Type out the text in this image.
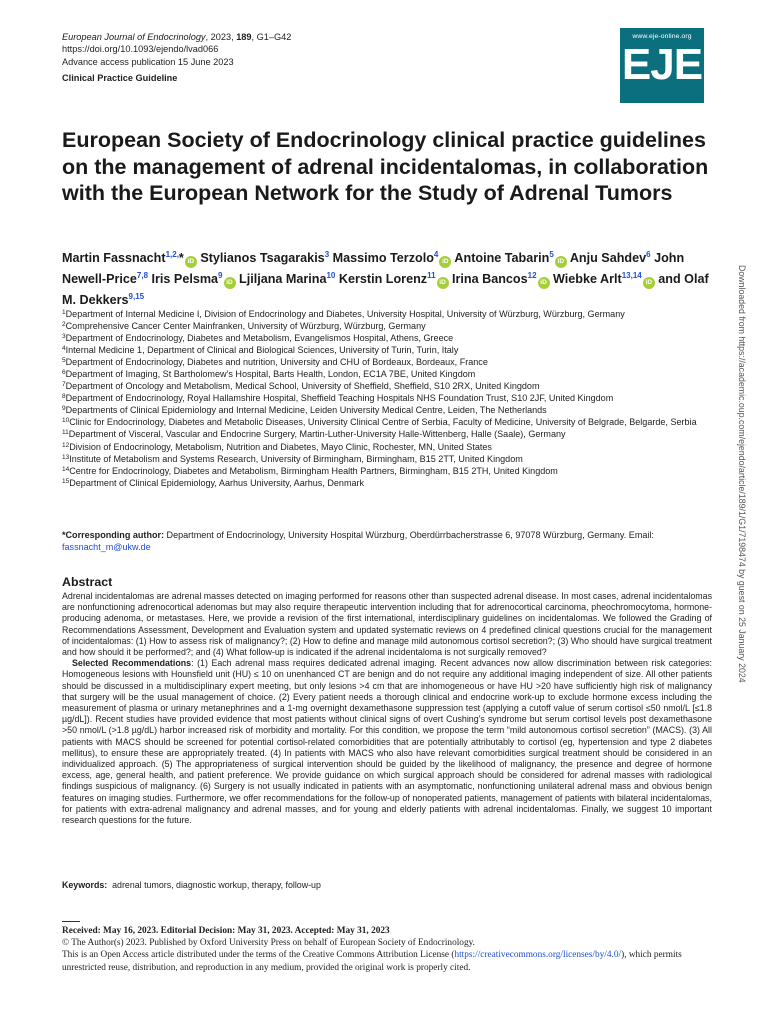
European Journal of Endocrinology, 2023, 189, G1–G42
https://doi.org/10.1093/ejendo/lvad066
Advance access publication 15 June 2023
Clinical Practice Guideline
www.eje-online.org
EJE
European Society of Endocrinology clinical practice guidelines on the management of adrenal incidentalomas, in collaboration with the European Network for the Study of Adrenal Tumors
Martin Fassnacht$^{1,2,}$* iD Stylianos Tsagarakis$^3$ Massimo Terzolo$^4$iD Antoine Tabarin$^5$iD Anju Sahdev$^6$ John Newell-Price$^{7,8}$ Iris Pelsma$^9$iD Ljiljana Marina$^{10}$ Kerstin Lorenz$^{11}$iD Irina Bancos$^{12}$iD Wiebke Arlt$^{13,14}$iD and Olaf M. Dekkers$^{9,15}$
$^1$Department of Internal Medicine I, Division of Endocrinology and Diabetes, University Hospital, University of Würzburg, Würzburg, Germany
$^2$Comprehensive Cancer Center Mainfranken, University of Würzburg, Würzburg, Germany
$^3$Department of Endocrinology, Diabetes and Metabolism, Evangelismos Hospital, Athens, Greece
$^4$Internal Medicine 1, Department of Clinical and Biological Sciences, University of Turin, Turin, Italy
$^5$Department of Endocrinology, Diabetes and nutrition, University and CHU of Bordeaux, Bordeaux, France
$^6$Department of Imaging, St Bartholomew’s Hospital, Barts Health, London, EC1A 7BE, United Kingdom
$^7$Department of Oncology and Metabolism, Medical School, University of Sheffield, Sheffield, S10 2RX, United Kingdom
$^8$Department of Endocrinology, Royal Hallamshire Hospital, Sheffield Teaching Hospitals NHS Foundation Trust, S10 2JF, United Kingdom
$^9$Departments of Clinical Epidemiology and Internal Medicine, Leiden University Medical Centre, Leiden, The Netherlands
$^{10}$Clinic for Endocrinology, Diabetes and Metabolic Diseases, University Clinical Centre of Serbia, Faculty of Medicine, University of Belgrade, Belgarde, Serbia
$^{11}$Department of Visceral, Vascular and Endocrine Surgery, Martin-Luther-University Halle-Wittenberg, Halle (Saale), Germany
$^{12}$Division of Endocrinology, Metabolism, Nutrition and Diabetes, Mayo Clinic, Rochester, MN, United States
$^{13}$Institute of Metabolism and Systems Research, University of Birmingham, Birmingham, B15 2TT, United Kingdom
$^{14}$Centre for Endocrinology, Diabetes and Metabolism, Birmingham Health Partners, Birmingham, B15 2TH, United Kingdom
$^{15}$Department of Clinical Epidemiology, Aarhus University, Aarhus, Denmark
*Corresponding author: Department of Endocrinology, University Hospital Würzburg, Oberdürrbacherstrasse 6, 97078 Würzburg, Germany. Email:
fassnacht_m@ukw.de	Downloaded from https://academic.oup.com/ejendo/article/189/1/G1/7198474 by guest on 25 January 2024
Abstract

Adrenal incidentalomas are adrenal masses detected on imaging performed for reasons other than suspected adrenal disease. In most cases, adrenal incidentalomas are nonfunctioning adrenocortical adenomas but may also require therapeutic intervention including that for adrenocortical carcinoma, pheochromocytoma, hormone-producing adenoma, or metastases. Here, we provide a revision of the first international, interdisciplinary guidelines on incidentalomas. We followed the Grading of Recommendations Assessment, Development and Evaluation system and updated systematic reviews on 4 predefined clinical questions crucial for the management of incidentalomas: (1) How to assess risk of malignancy?; (2) How to define and manage mild autonomous cortisol secretion?; (3) Who should have surgical treatment and how should it be performed?; and (4) What follow-up is indicated if the adrenal incidentaloma is not surgically removed?

Selected Recommendations: (1) Each adrenal mass requires dedicated adrenal imaging. Recent advances now allow discrimination between risk categories: Homogeneous lesions with Hounsfield unit (HU) ≤ 10 on unenhanced CT are benign and do not require any additional imaging independent of size. All other patients should be discussed in a multidisciplinary expert meeting, but only lesions >4 cm that are inhomogeneous or have HU >20 have sufficiently high risk of malignancy that surgery will be the usual management of choice. (2) Every patient needs a thorough clinical and endocrine work-up to exclude hormone excess including the measurement of plasma or urinary metanephrines and a 1-mg overnight dexamethasone suppression test (applying a cutoff value of serum cortisol ≤50 nmol/L [≤1.8 µg/dL]). Recent studies have provided evidence that most patients without clinical signs of overt Cushing’s syndrome but serum cortisol levels post dexamethasone >50 nmol/L (>1.8 µg/dL) harbor increased risk of morbidity and mortality. For this condition, we propose the term “mild autonomous cortisol secretion” (MACS). (3) All patients with MACS should be screened for potential cortisol-related comorbidities that are potentially attributably to cortisol (eg, hypertension and type 2 diabetes mellitus), to ensure these are appropriately treated. (4) In patients with MACS who also have relevant comorbidities surgical treatment should be considered in an individualized approach. (5) The appropriateness of surgical intervention should be guided by the likelihood of malignancy, the presence and degree of hormone excess, age, general health, and patient preference. We provide guidance on which surgical approach should be considered for adrenal masses with radiological findings suspicious of malignancy. (6) Surgery is not usually indicated in patients with an asymptomatic, nonfunctioning unilateral adrenal mass and obvious benign features on imaging studies. Furthermore, we offer recommendations for the follow-up of nonoperated patients, management of patients with bilateral incidentalomas, for patients with extra-adrenal malignancy and adrenal masses, and for young and elderly patients with adrenal incidentalomas. Finally, we suggest 10 important research questions for the future.

Keywords: adrenal tumors, diagnostic workup, therapy, follow-up
Received: May 16, 2023. Editorial Decision: May 31, 2023. Accepted: May 31, 2023
© The Author(s) 2023. Published by Oxford University Press on behalf of European Society of Endocrinology.
This is an Open Access article distributed under the terms of the Creative Commons Attribution License (https://creativecommons.org/licenses/by/4.0/), which permits unrestricted reuse, distribution, and reproduction in any medium, provided the original work is properly cited.
